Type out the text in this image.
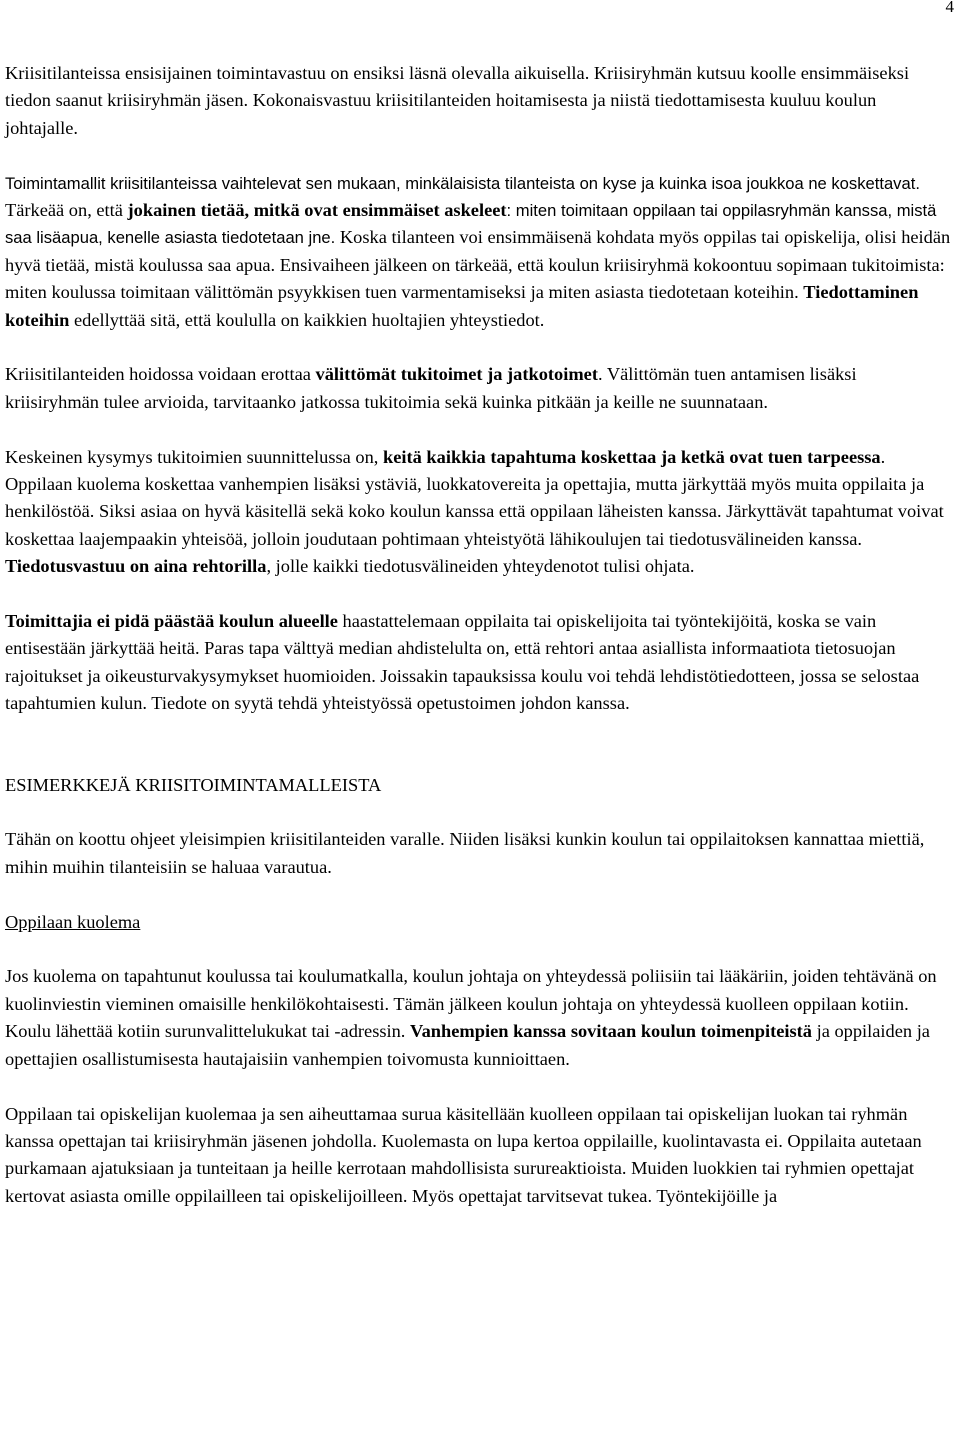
4

Kriisitilanteissa ensisijainen toimintavastuu on ensiksi läsnä olevalla aikuisella. Kriisiryhmän kutsuu koolle ensimmäiseksi tiedon saanut kriisiryhmän jäsen. Kokonaisvastuu kriisitilanteiden hoitamisesta ja niistä tiedottamisesta kuuluu koulun johtajalle.

Toimintamallit kriisitilanteissa vaihtelevat sen mukaan, minkälaisista tilanteista on kyse ja kuinka isoa joukkoa ne koskettavat. Tärkeää on, että jokainen tietää, mitkä ovat ensimmäiset askeleet: miten toimitaan oppilaan tai oppilasryhmän kanssa, mistä saa lisäapua, kenelle asiasta tiedotetaan jne. Koska tilanteen voi ensimmäisenä kohdata myös oppilas tai opiskelija, olisi heidän hyvä tietää, mistä koulussa saa apua. Ensivaiheen jälkeen on tärkeää, että koulun kriisiryhmä kokoontuu sopimaan tukitoimista: miten koulussa toimitaan välittömän psyykkisen tuen varmentamiseksi ja miten asiasta tiedotetaan koteihin. Tiedottaminen koteihin edellyttää sitä, että koululla on kaikkien huoltajien yhteystiedot.

Kriisitilanteiden hoidossa voidaan erottaa välittömät tukitoimet ja jatkotoimet. Välittömän tuen antamisen lisäksi kriisiryhmän tulee arvioida, tarvitaanko jatkossa tukitoimia sekä kuinka pitkään ja keille ne suunnataan.

Keskeinen kysymys tukitoimien suunnittelussa on, keitä kaikkia tapahtuma koskettaa ja ketkä ovat tuen tarpeessa. Oppilaan kuolema koskettaa vanhempien lisäksi ystäviä, luokkatovereita ja opettajia, mutta järkyttää myös muita oppilaita ja henkilöstöä. Siksi asiaa on hyvä käsitellä sekä koko koulun kanssa että oppilaan läheisten kanssa. Järkyttävät tapahtumat voivat koskettaa laajempaakin yhteisöä, jolloin joudutaan pohtimaan yhteistyötä lähikoulujen tai tiedotusvälineiden kanssa. Tiedotusvastuu on aina rehtorilla, jolle kaikki tiedotusvälineiden yhteydenotot tulisi ohjata.

Toimittajia ei pidä päästää koulun alueelle haastattelemaan oppilaita tai opiskelijoita tai työntekijöitä, koska se vain entisestään järkyttää heitä. Paras tapa välttyä median ahdistelulta on, että rehtori antaa asiallista informaatiota tietosuojan rajoitukset ja oikeusturvakysymykset huomioiden. Joissakin tapauksissa koulu voi tehdä lehdistötiedotteen, jossa se selostaa tapahtumien kulun. Tiedote on syytä tehdä yhteistyössä opetustoimen johdon kanssa.

ESIMERKKEJÄ KRIISITOIMINTAMALLEISTA

Tähän on koottu ohjeet yleisimpien kriisitilanteiden varalle. Niiden lisäksi kunkin koulun tai oppilaitoksen kannattaa miettiä, mihin muihin tilanteisiin se haluaa varautua.

Oppilaan kuolema

Jos kuolema on tapahtunut koulussa tai koulumatkalla, koulun johtaja on yhteydessä poliisiin tai lääkäriin, joiden tehtävänä on kuolinviestin vieminen omaisille henkilökohtaisesti. Tämän jälkeen koulun johtaja on yhteydessä kuolleen oppilaan kotiin. Koulu lähettää kotiin surunvalittelukukat tai -adressin. Vanhempien kanssa sovitaan koulun toimenpiteistä ja oppilaiden ja opettajien osallistumisesta hautajaisiin vanhempien toivomusta kunnioittaen.

Oppilaan tai opiskelijan kuolemaa ja sen aiheuttamaa surua käsitellään kuolleen oppilaan tai opiskelijan luokan tai ryhmän kanssa opettajan tai kriisiryhmän jäsenen johdolla. Kuolemasta on lupa kertoa oppilaille, kuolintavasta ei. Oppilaita autetaan purkamaan ajatuksiaan ja tunteitaan ja heille kerrotaan mahdollisista surureaktioista. Muiden luokkien tai ryhmien opettajat kertovat asiasta omille oppilailleen tai opiskelijoilleen. Myös opettajat tarvitsevat tukea. Työntekijöille ja
